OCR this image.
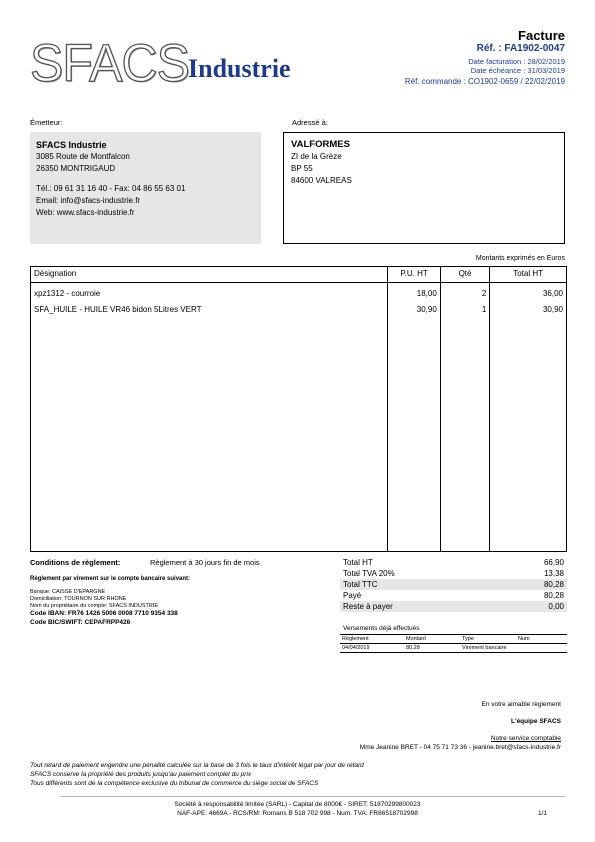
SFACS Industrie
Facture
Réf. : FA1902-0047
Date facturation : 28/02/2019
Date échéance : 31/03/2019
Réf. commande : CO1902-0659 / 22/02/2019
Émetteur:
SFACS Industrie
3085 Route de Montfalcon
26350 MONTRIGAUD
Tél.: 09 61 31 16 40 - Fax: 04 86 55 63 01
Email: info@sfacs-industrie.fr
Web: www.sfacs-industrie.fr
Adressé à:
VALFORMES
ZI de la Grèze
BP 55
84600 VALREAS
Montants exprimés en Euros
Désignation	P.U. HT	Qté	Total HT
xpz1312 - courroie	18,00	2	36,00
SFA_HUILE - HUILE VR46 bidon 5Litres VERT	30,90	1	30,90
Conditions de règlement:	Règlement à 30 jours fin de mois
Règlement par virement sur le compte bancaire suivant:
Banque: CAISSE D'EPARGNE
Domiciliation: TOURNON SUR RHONE
Nom du propriétaire du compte: SFACS INDUSTRIE
Code IBAN: FR76 1426 5006 0008 7710 9354 338
Code BIC/SWIFT: CEPAFRPP426
Total HT	66,90
Total TVA 20%	13,38
Total TTC	80,28
Payé	80,28
Reste à payer	0,00
Versements déjà effectués
Règlement	Montant	Type	Num
04/04/2019	80,28	Virement bancaire	
En votre aimable règlement
L'équipe SFACS
Notre service comptable
Mme Jeanine BRET - 04 75 71 73 36 - jeanine.bret@sfacs-industrie.fr
Tout retard de paiement engendre une pénalité calculée sur la base de 3 fois le taux d'intérêt légal par jour de retard
SFACS conserve la propriété des produits jusqu'au paiement complet du prix
Tous différents sont de la compétence exclusive du tribunal de commerce du siège social de SFACS
Société à responsabilité limitée (SARL) - Capital de 8000€ - SIRET: 51870299800023
NAF-APE: 4669A - RCS/RM: Romans B 518 702 998 - Num. TVA: FR86518702998	1/1
